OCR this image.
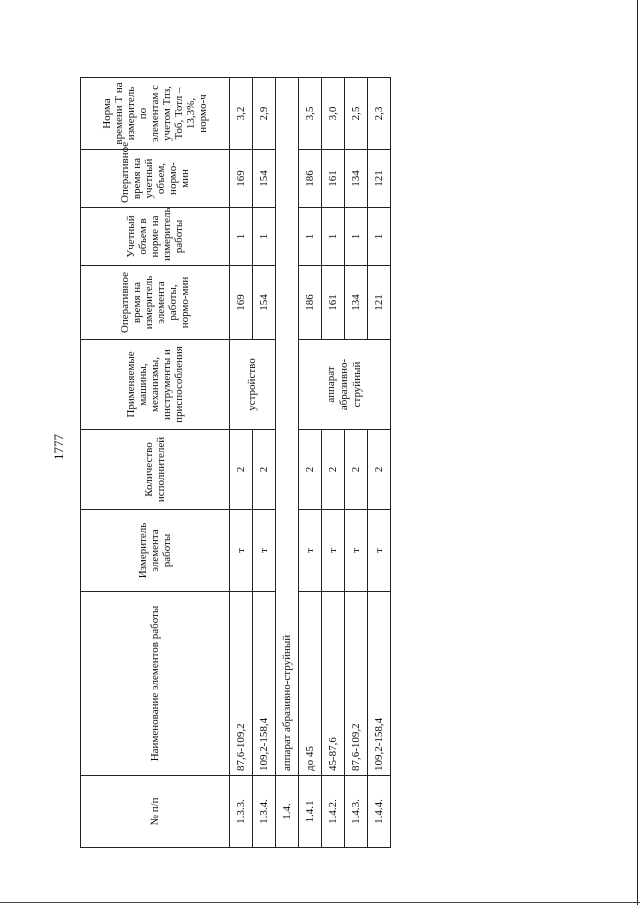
1777
№ п/п	Наименование элементов работы	Измеритель элемента работы	Количество исполнителей	Применяемые машины, механизмы, инструменты и приспособления	Оперативное время на измеритель элемента работы, нормо-мин	Учетный объем в норме на измеритель работы	Оперативное время на учетный объем, нормо-мин	Норма времени Т на измеритель по элементам с учетом Тпз, Тоб, Тотл – 13,3%, нормо-ч
1.3.3.	87,6-109,2	т	2	устройство	169	1	169	3,2
1.3.4.	109,2-158,4	т	2		154	1	154	2,9
1.4.	аппарат абразивно-струйный							
1.4.1	до 45	т	2	аппарат абразивно-струйный	186	1	186	3,5
1.4.2.	45-87,6	т	2		161	1	161	3,0
1.4.3.	87,6-109,2	т	2		134	1	134	2,5
1.4.4.	109,2-158,4	т	2		121	1	121	2,3
